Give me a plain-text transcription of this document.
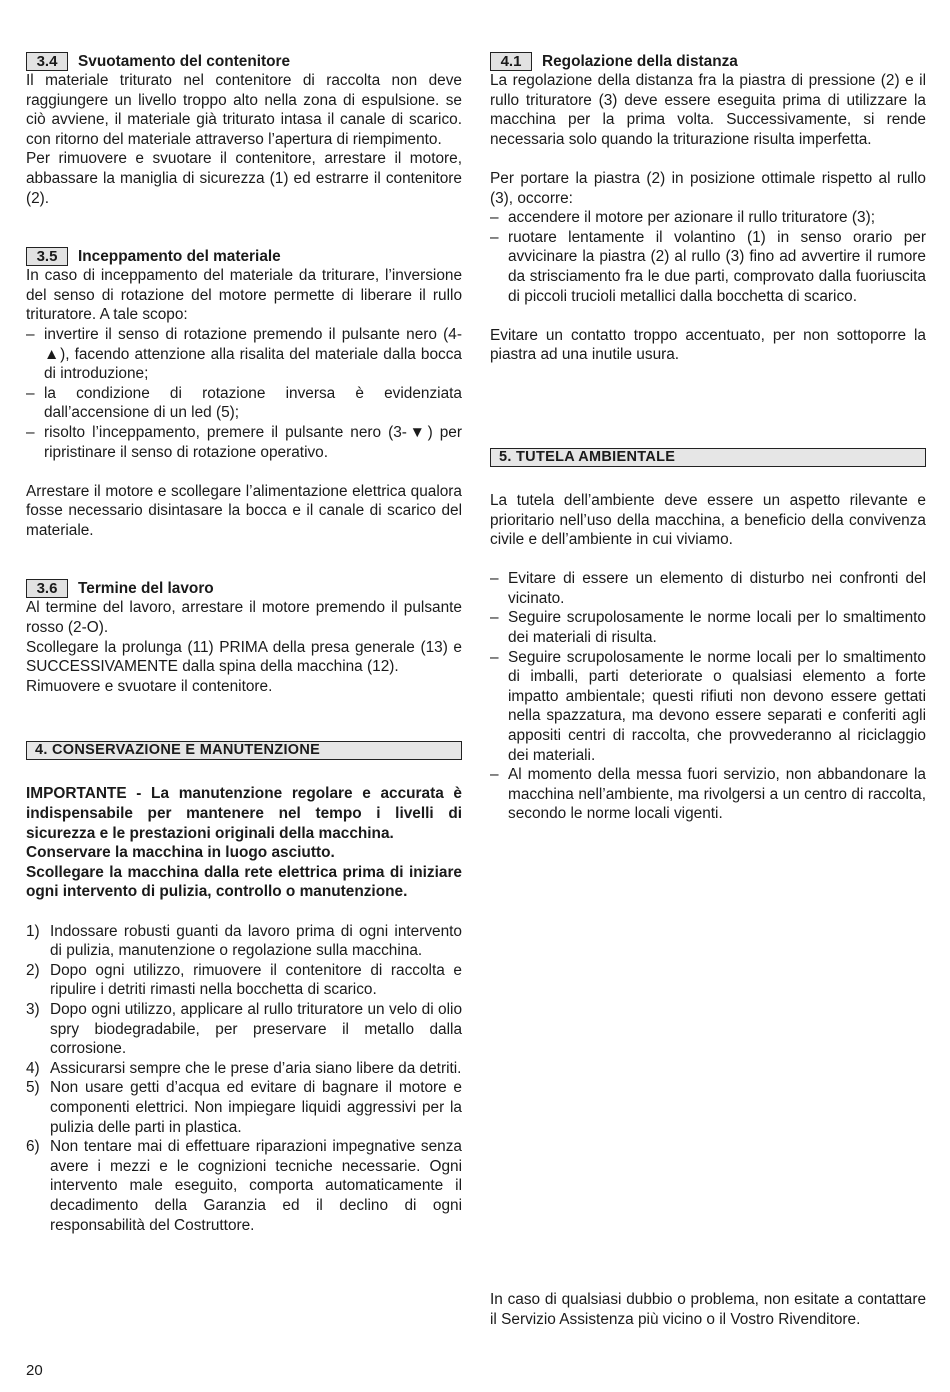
3.4	Svuotamento del contenitore

Il materiale triturato nel contenitore di raccolta non deve raggiungere un livello troppo alto nella zona di espulsione. se ciò avviene, il materiale già triturato intasa il canale di scarico. con ritorno del materiale attraverso l’apertura di riempimento.

Per rimuovere e svuotare il contenitore, arrestare il motore, abbassare la maniglia di sicurezza (1) ed estrarre il contenitore (2).

3.5	Inceppamento del materiale

In caso di inceppamento del materiale da triturare, l’inversione del senso di rotazione del motore permette di liberare il rullo trituratore. A tale scopo:

– invertire il senso di rotazione premendo il pulsante nero (4-▲), facendo attenzione alla risalita del materiale dalla bocca di introduzione;
– la condizione di rotazione inversa è evidenziata dall’accensione di un led (5);
– risolto l’inceppamento, premere il pulsante nero (3-▼) per ripristinare il senso di rotazione operativo.

Arrestare il motore e scollegare l’alimentazione elettrica qualora fosse necessario disintasare la bocca e il canale di scarico del materiale.

3.6	Termine del lavoro

Al termine del lavoro, arrestare il motore premendo il pulsante rosso (2-O).

Scollegare la prolunga (11) PRIMA della presa generale (13) e SUCCESSIVAMENTE dalla spina della macchina (12).

Rimuovere e svuotare il contenitore.

4. CONSERVAZIONE E MANUTENZIONE

IMPORTANTE - La manutenzione regolare e accurata è indispensabile per mantenere nel tempo i livelli di sicurezza e le prestazioni originali della macchina.

Conservare la macchina in luogo asciutto.

Scollegare la macchina dalla rete elettrica prima di iniziare ogni intervento di pulizia, controllo o manutenzione.

1) Indossare robusti guanti da lavoro prima di ogni intervento di pulizia, manutenzione o regolazione sulla macchina.
2) Dopo ogni utilizzo, rimuovere il contenitore di raccolta e ripulire i detriti rimasti nella bocchetta di scarico.
3) Dopo ogni utilizzo, applicare al rullo trituratore un velo di olio spry biodegradabile, per preservare il metallo dalla corrosione.
4) Assicurarsi sempre che le prese d’aria siano libere da detriti.
5) Non usare getti d’acqua ed evitare di bagnare il motore e componenti elettrici. Non impiegare liquidi aggressivi per la pulizia delle parti in plastica.
6) Non tentare mai di effettuare riparazioni impegnative senza avere i mezzi e le cognizioni tecniche necessarie. Ogni intervento male eseguito, comporta automaticamente il decadimento della Garanzia ed il declino di ogni responsabilità del Costruttore.
4.1	Regolazione della distanza

La regolazione della distanza fra la piastra di pressione (2) e il rullo trituratore (3) deve essere eseguita prima di utilizzare la macchina per la prima volta. Successivamente, si rende necessaria solo quando la triturazione risulta imperfetta.

Per portare la piastra (2) in posizione ottimale rispetto al rullo (3), occorre:

– accendere il motore per azionare il rullo trituratore (3);
– ruotare lentamente il volantino (1) in senso orario per avvicinare la piastra (2) al rullo (3) fino ad avvertire il rumore da strisciamento fra le due parti, comprovato dalla fuoriuscita di piccoli trucioli metallici dalla bocchetta di scarico.

Evitare un contatto troppo accentuato, per non sottoporre la piastra ad una inutile usura.

5. TUTELA AMBIENTALE

La tutela dell’ambiente deve essere un aspetto rilevante e prioritario nell’uso della macchina, a beneficio della convivenza civile e dell’ambiente in cui viviamo.

– Evitare di essere un elemento di disturbo nei confronti del vicinato.
– Seguire scrupolosamente le norme locali per lo smaltimento dei materiali di risulta.
– Seguire scrupolosamente le norme locali per lo smaltimento di imballi, parti deteriorate o qualsiasi elemento a forte impatto ambientale; questi rifiuti non devono essere gettati nella spazzatura, ma devono essere separati e conferiti agli appositi centri di raccolta, che provvederanno al riciclaggio dei materiali.
– Al momento della messa fuori servizio, non abbandonare la macchina nell’ambiente, ma rivolgersi a un centro di raccolta, secondo le norme locali vigenti.

In caso di qualsiasi dubbio o problema, non esitate a contattare il Servizio Assistenza più vicino o il Vostro Rivenditore.

20
